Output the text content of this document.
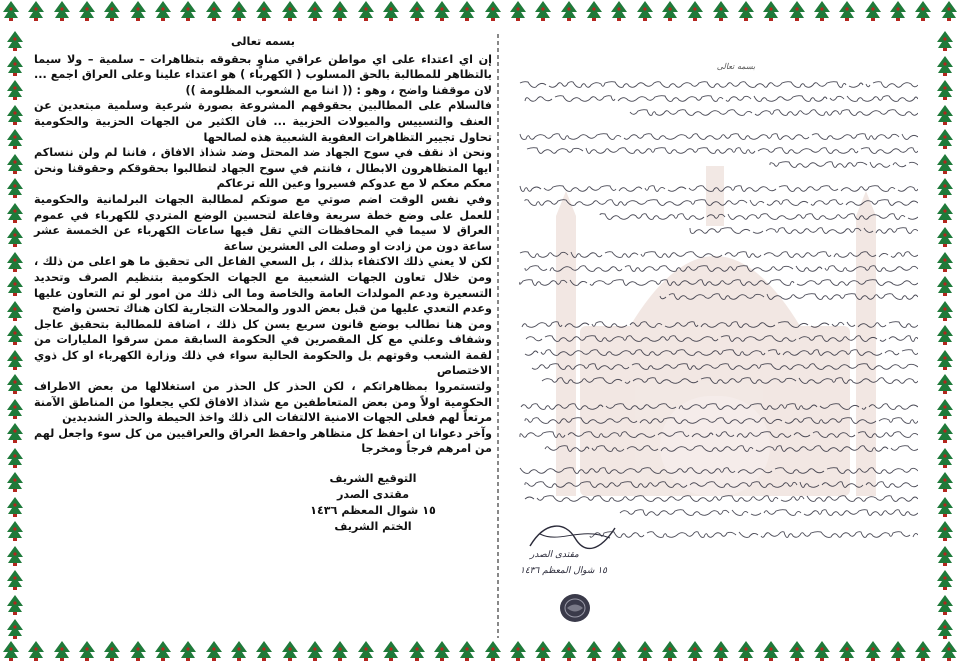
بسمه تعالى

إن اي اعتداء على اي مواطن عراقي مناوٍ بحقوقه بتظاهرات – سلمية – ولا سيما بالتظاهر للمطالبة بالحق المسلوب ( الكهرباء ) هو اعتداء علينا وعلى العراق اجمع ... لان موقفنا واضح ، وهو : (( اننا مع الشعوب المظلومة ))

فالسلام على المطالبين بحقوقهم المشروعة بصورة شرعية وسلمية مبتعدين عن العنف والتسييس والميولات الحزبية ... فان الكثير من الجهات الحزبية والحكومية تحاول تجيير التظاهرات العفوية الشعبية هذه لصالحها

ونحن اذ نقف في سوح الجهاد ضد المحتل وضد شذاذ الافاق ، فاننا لم ولن ننساكم ايها المتظاهرون الابطال ، فانتم في سوح الجهاد لتطالبوا بحقوقكم وحقوقنا ونحن معكم معكم لا مع عدوكم فسيروا وعين الله ترعاكم

وفي نفس الوقت اضم صوتي مع صوتكم لمطالبة الجهات البرلمانية والحكومية للعمل على وضع خطة سريعة وفاعلة لتحسين الوضع المتردي للكهرباء في عموم العراق لا سيما في المحافظات التي تقل فيها ساعات الكهرباء عن الخمسة عشر ساعة دون من زادت او وصلت الى العشرين ساعة

لكن لا يعني ذلك الاكتفاء بذلك ، بل السعي الفاعل الى تحقيق ما هو اعلى من ذلك ، ومن خلال تعاون الجهات الشعبية مع الجهات الحكومية بتنظيم الصرف وتحديد التسعيرة ودعم المولدات العامة والخاصة وما الى ذلك من امور لو تم التعاون عليها وعدم التعدي عليها من قبل بعض الدور والمحلات التجارية لكان هناك تحسن واضح

ومن هنا نطالب بوضع قانون سريع يسن كل ذلك ، اضافة للمطالبة بتحقيق عاجل وشفاف وعلني مع كل المقصرين في الحكومة السابقة ممن سرقوا المليارات من لقمة الشعب وقوتهم بل والحكومة الحالية سواء في ذلك وزارة الكهرباء او كل ذوي الاختصاص

ولتستمروا بمظاهراتكم ، لكن الحذر كل الحذر من استغلالها من بعض الاطراف الحكومية اولاً ومن بعض المتعاطفين مع شذاذ الافاق لكي يجعلوا من المناطق الآمنة مرتعاً لهم فعلى الجهات الامنية الالتفات الى ذلك واخذ الحيطة والحذر الشديدين

وآخر دعوانا ان احفظ كل متظاهر واحفظ العراق والعراقيين من كل سوء واجعل لهم من امرهم فرجاً ومخرجا

التوقيع الشريف
مقتدى الصدر
١٥ شوال المعظم ١٤٣٦
الختم الشريف
بسمه تعالى
مقتدى الصدر
١٥ شوال المعظم ١٤٣٦
